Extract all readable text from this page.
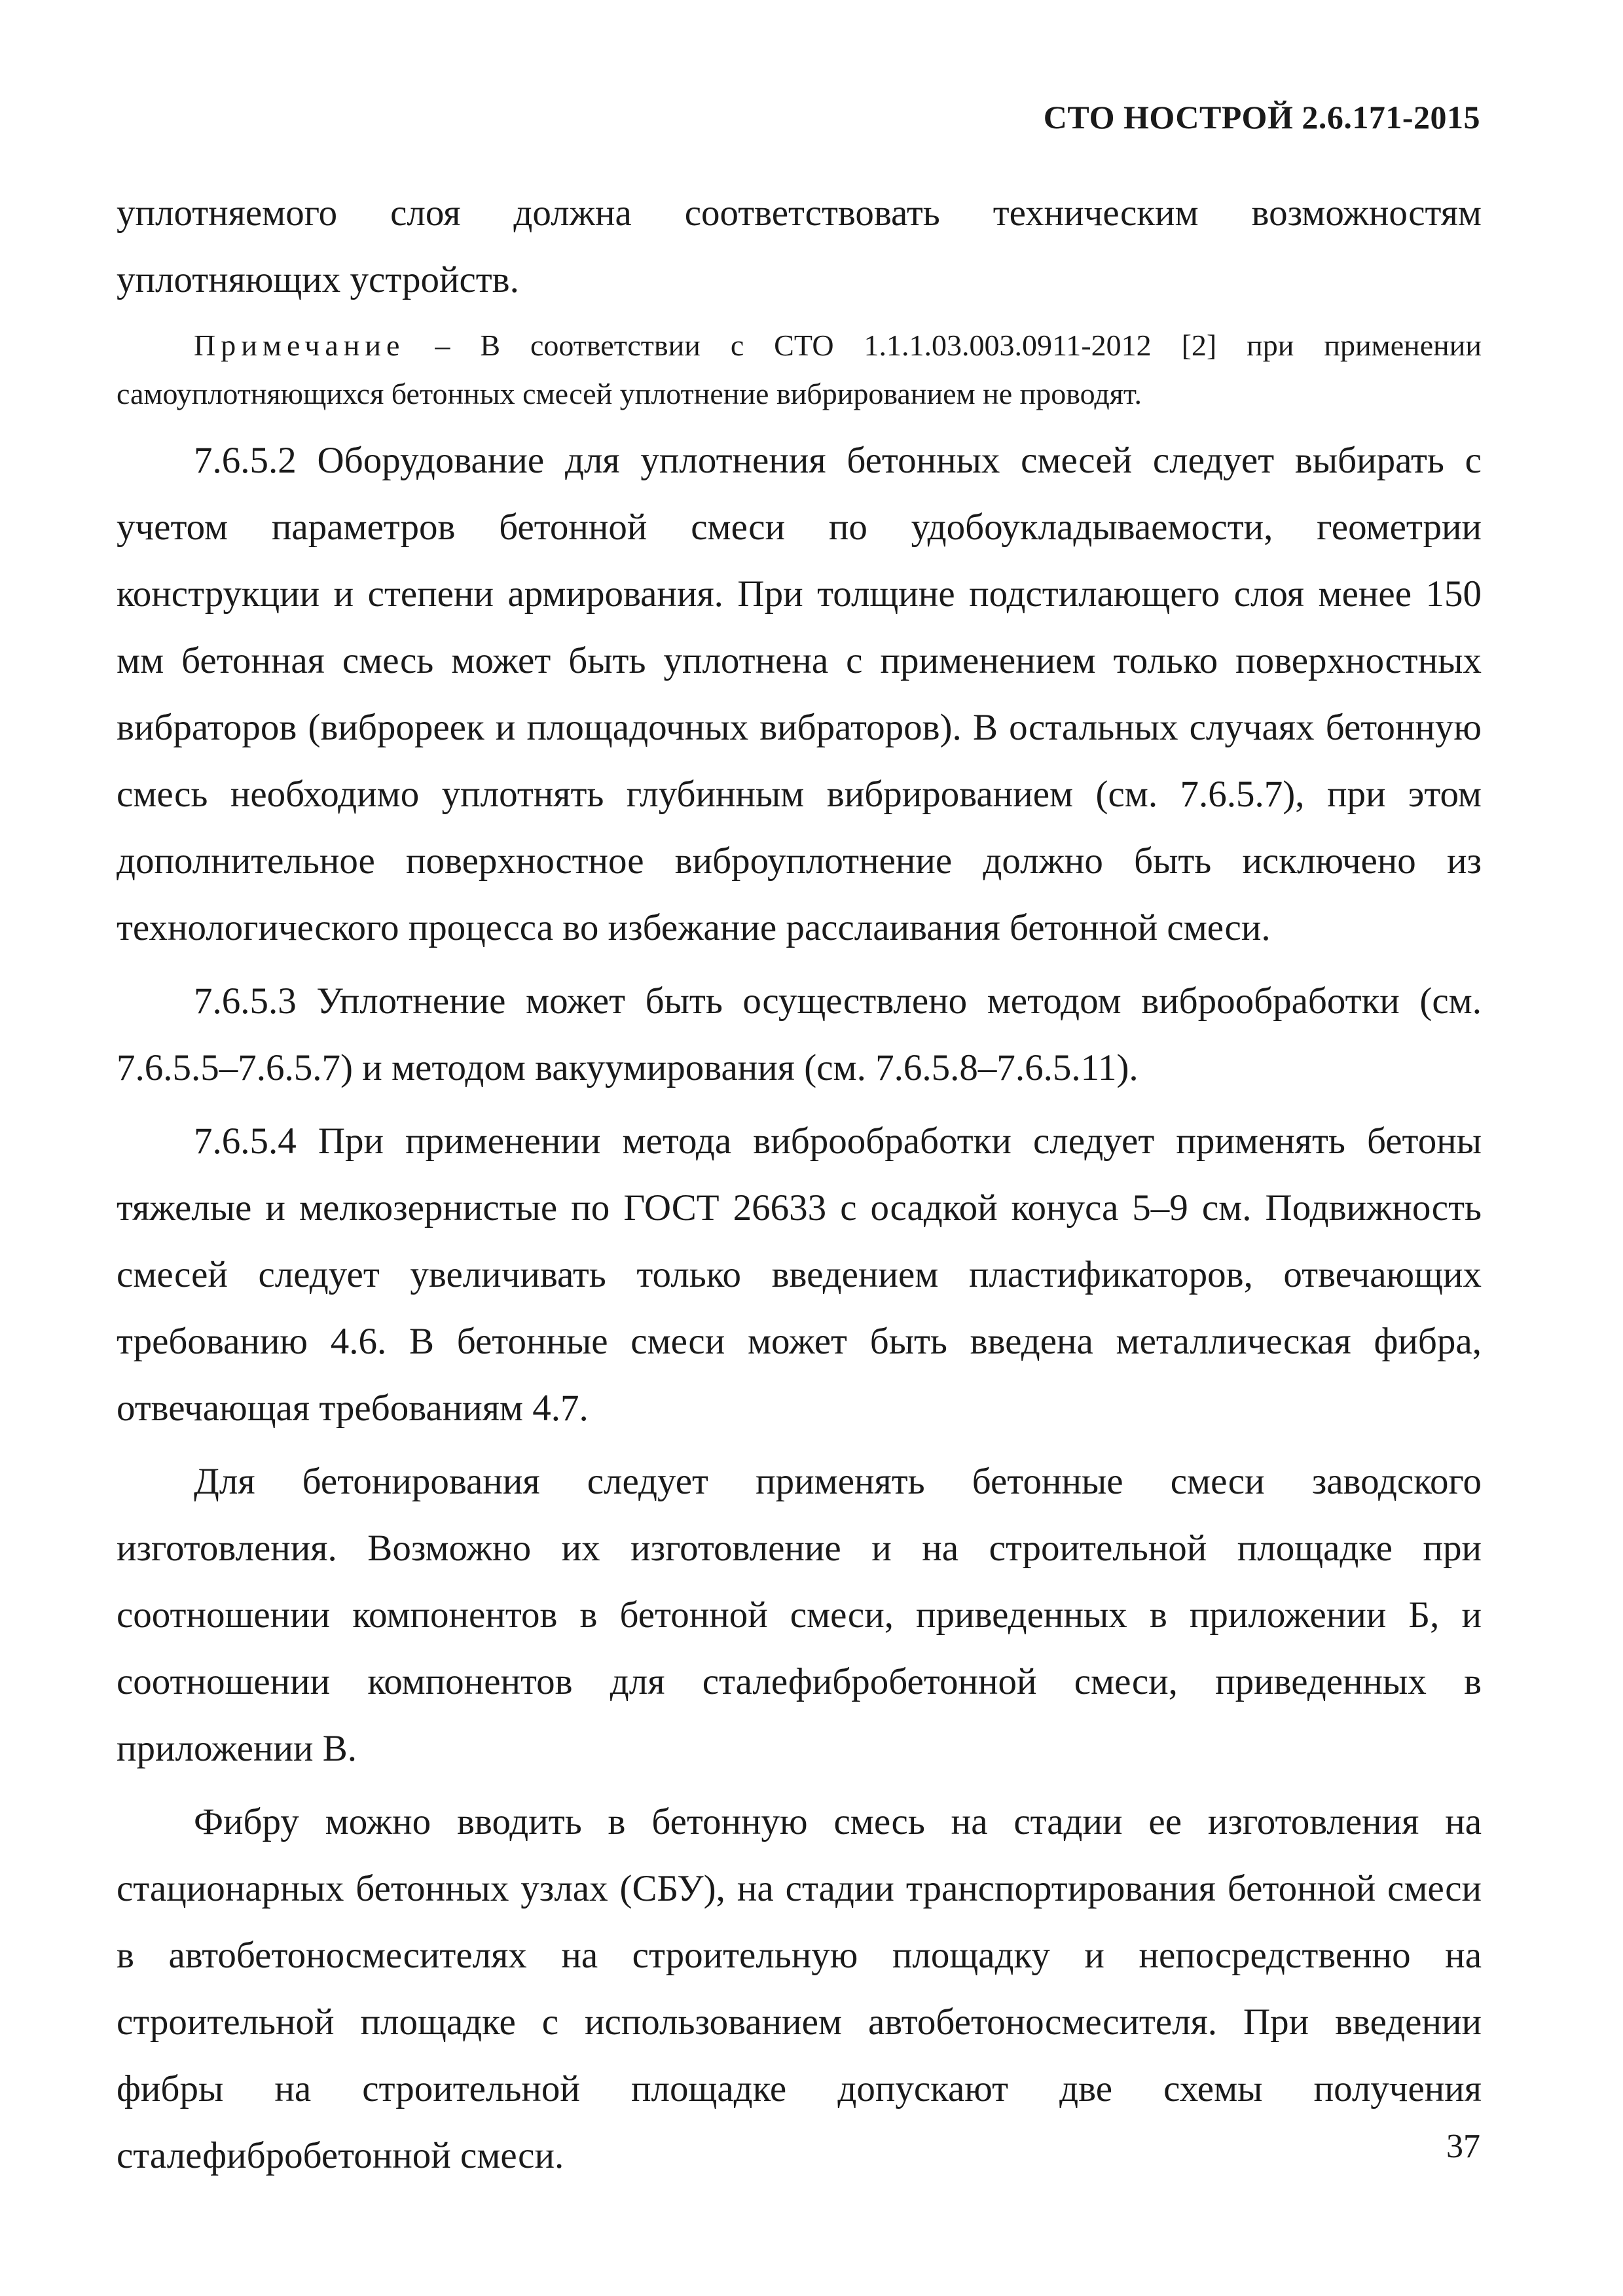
СТО НОСТРОЙ 2.6.171-2015

уплотняемого слоя должна соответствовать техническим возможностям уплотняющих устройств.

Примечание – В соответствии с СТО 1.1.1.03.003.0911-2012 [2] при применении самоуплотняющихся бетонных смесей уплотнение вибрированием не проводят.

7.6.5.2 Оборудование для уплотнения бетонных смесей следует выбирать с учетом параметров бетонной смеси по удобоукладываемости, геометрии конструкции и степени армирования. При толщине подстилающего слоя менее 150 мм бетонная смесь может быть уплотнена с применением только поверхностных вибраторов (виброреек и площадочных вибраторов). В остальных случаях бетонную смесь необходимо уплотнять глубинным вибрированием (см. 7.6.5.7), при этом дополнительное поверхностное виброуплотнение должно быть исключено из технологического процесса во избежание расслаивания бетонной смеси.

7.6.5.3 Уплотнение может быть осуществлено методом виброобработки (см. 7.6.5.5–7.6.5.7) и методом вакуумирования (см. 7.6.5.8–7.6.5.11).

7.6.5.4 При применении метода виброобработки следует применять бетоны тяжелые и мелкозернистые по ГОСТ 26633 с осадкой конуса 5–9 см. Подвижность смесей следует увеличивать только введением пластификаторов, отвечающих требованию 4.6. В бетонные смеси может быть введена металлическая фибра, отвечающая требованиям 4.7.

Для бетонирования следует применять бетонные смеси заводского изготовления. Возможно их изготовление и на строительной площадке при соотношении компонентов в бетонной смеси, приведенных в приложении Б, и соотношении компонентов для сталефибробетонной смеси, приведенных в приложении В.

Фибру можно вводить в бетонную смесь на стадии ее изготовления на стационарных бетонных узлах (СБУ), на стадии транспортирования бетонной смеси в автобетоносмесителях на строительную площадку и непосредственно на строительной площадке с использованием автобетоносмесителя. При введении фибры на строительной площадке допускают две схемы получения сталефибробетонной смеси.	37
